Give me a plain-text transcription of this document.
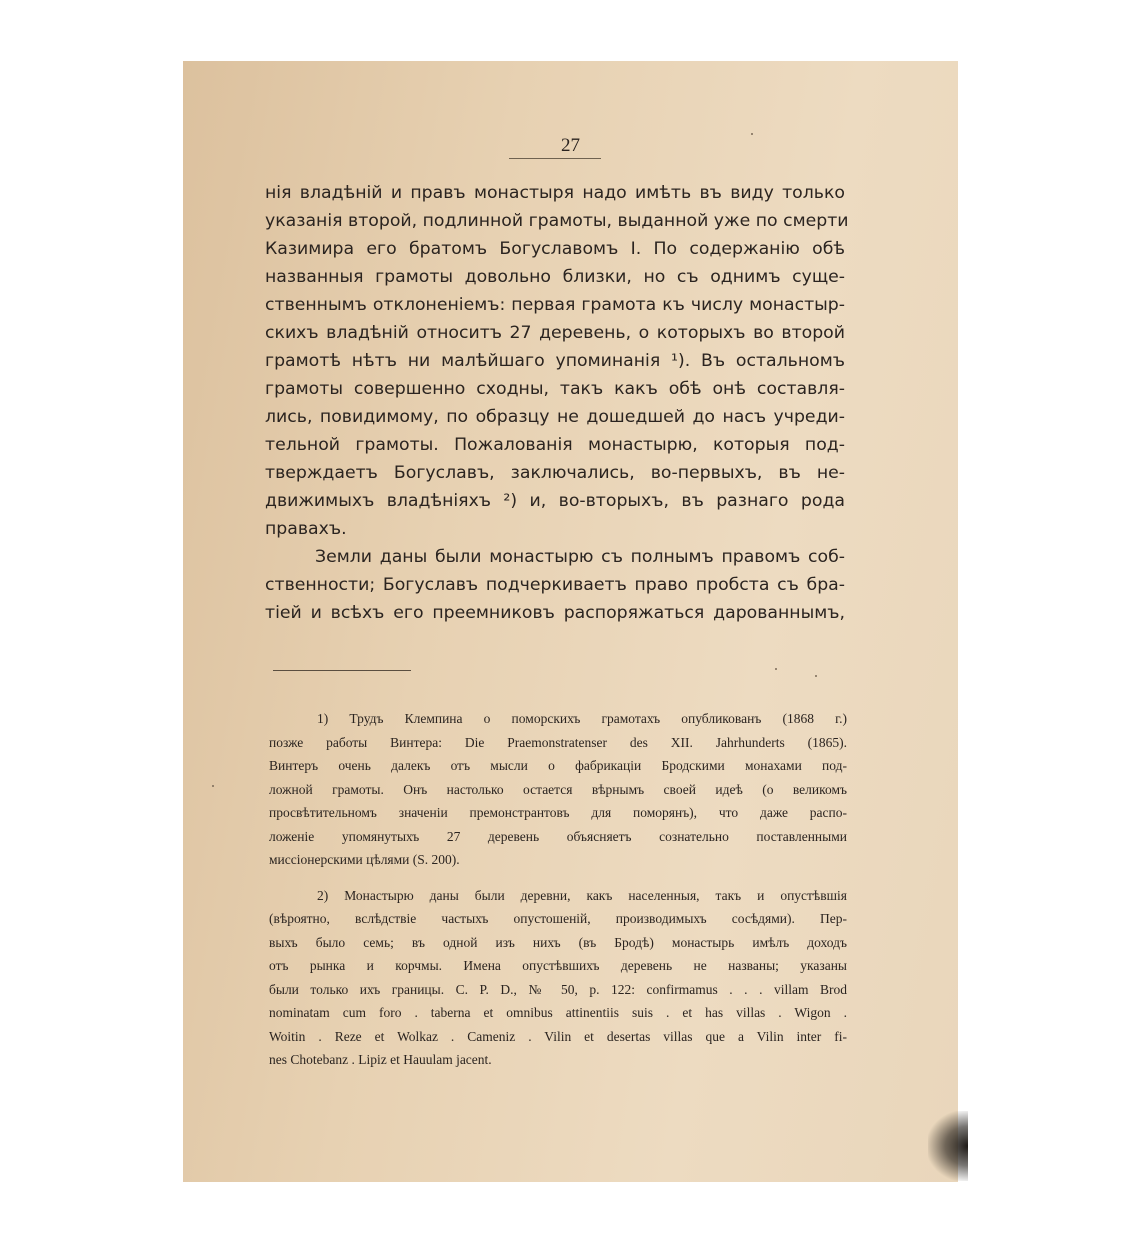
27
нія владѣній и правъ монастыря надо имѣть въ виду только
указанія второй, подлинной грамоты, выданной уже по смерти
Казимира его братомъ Богуславомъ I. По содержанію обѣ
названныя грамоты довольно близки, но съ однимъ суще-
ственнымъ отклоненіемъ: первая грамота къ числу монастыр-
скихъ владѣній относитъ 27 деревень, о которыхъ во второй
грамотѣ нѣтъ ни малѣйшаго упоминанія ¹). Въ остальномъ
грамоты совершенно сходны, такъ какъ обѣ онѣ составля-
лись, повидимому, по образцу не дошедшей до насъ учреди-
тельной грамоты. Пожалованія монастырю, которыя под-
тверждаетъ Богуславъ, заключались, во-первыхъ, въ не-
движимыхъ владѣніяхъ ²) и, во-вторыхъ, въ разнаго рода
правахъ.
Земли даны были монастырю съ полнымъ правомъ соб-
ственности; Богуславъ подчеркиваетъ право пробста съ бра-
тіей и всѣхъ его преемниковъ распоряжаться дарованнымъ,
1) Трудъ Клемпина о поморскихъ грамотахъ опубликованъ (1868 г.)
позже работы Винтера: Die Praemonstratenser des XII. Jahrhunderts (1865).
Винтеръ очень далекъ отъ мысли о фабрикаціи Бродскими монахами под-
ложной грамоты. Онъ настолько остается вѣрнымъ своей идеѣ (о великомъ
просвѣтительномъ значеніи премонстрантовъ для поморянъ), что даже распо-
ложеніе упомянутыхъ 27 деревень объясняетъ сознательно поставленными
миссіонерскими цѣлями (S. 200).
2) Монастырю даны были деревни, какъ населенныя, такъ и опустѣвшія
(вѣроятно, вслѣдствіе частыхъ опустошеній, производимыхъ сосѣдями). Пер-
выхъ было семь; въ одной изъ нихъ (въ Бродѣ) монастырь имѣлъ доходъ
отъ рынка и корчмы. Имена опустѣвшихъ деревень не названы; указаны
были только ихъ границы. C. P. D., № 50, p. 122: confirmamus . . . villam Brod
nominatam cum foro . taberna et omnibus attinentiis suis . et has villas . Wigon .
Woitin . Reze et Wolkaz . Cameniz . Vilin et desertas villas que a Vilin inter fi-
nes Chotebanz . Lipiz et Hauulam jacent.
